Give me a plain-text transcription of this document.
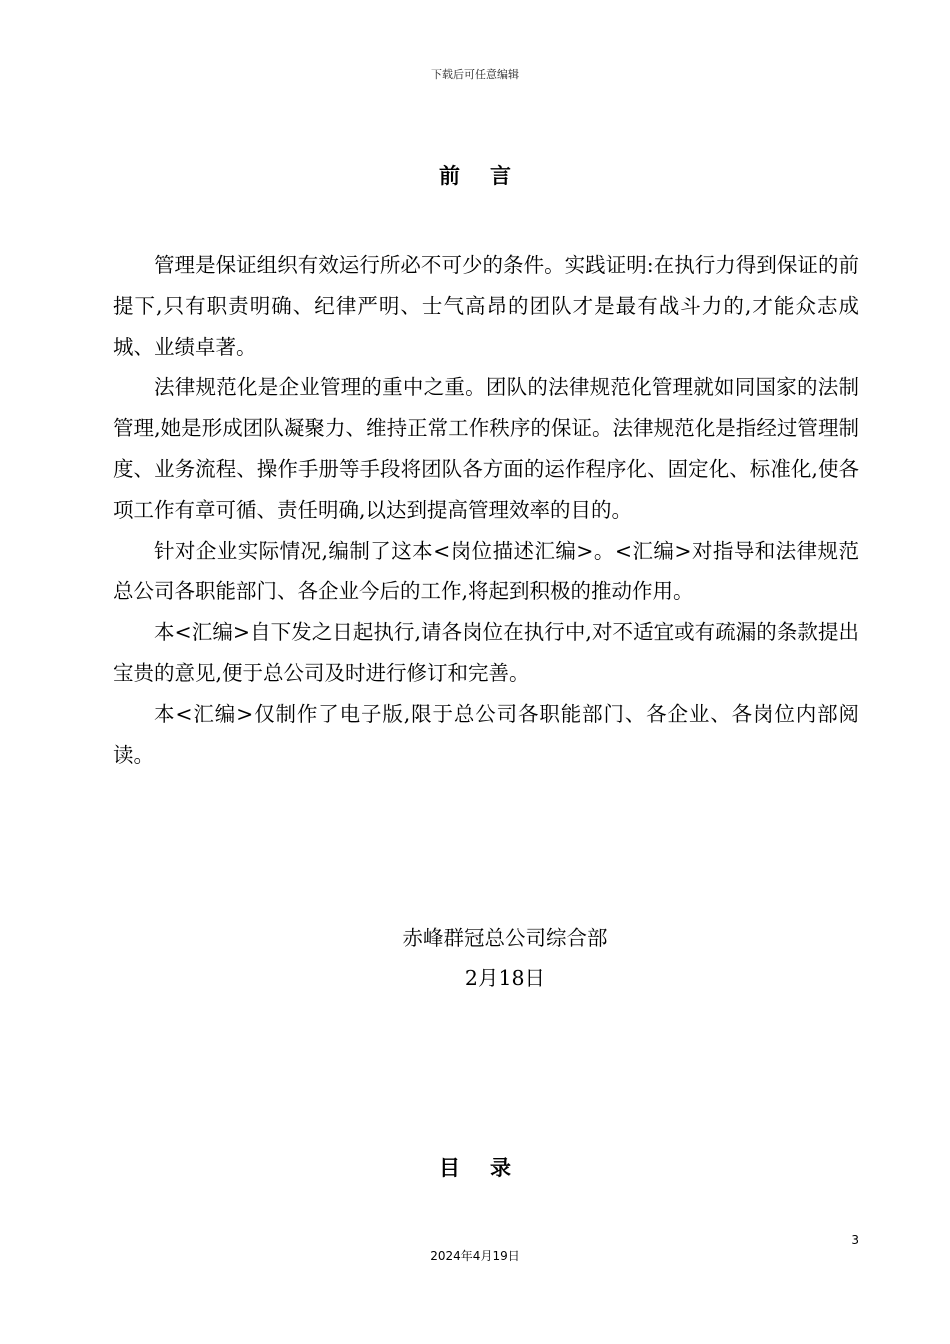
下载后可任意编辑
前言

管理是保证组织有效运行所必不可少的条件。实践证明:在执行力得到保证的前提下,只有职责明确、纪律严明、士气高昂的团队才是最有战斗力的,才能众志成城、业绩卓著。

法律规范化是企业管理的重中之重。团队的法律规范化管理就如同国家的法制管理,她是形成团队凝聚力、维持正常工作秩序的保证。法律规范化是指经过管理制度、业务流程、操作手册等手段将团队各方面的运作程序化、固定化、标准化,使各项工作有章可循、责任明确,以达到提高管理效率的目的。

针对企业实际情况,编制了这本<岗位描述汇编>。<汇编>对指导和法律规范总公司各职能部门、各企业今后的工作,将起到积极的推动作用。

本<汇编>自下发之日起执行,请各岗位在执行中,对不适宜或有疏漏的条款提出宝贵的意见,便于总公司及时进行修订和完善。

本<汇编>仅制作了电子版,限于总公司各职能部门、各企业、各岗位内部阅读。

赤峰群冠总公司综合部
2月18日
目录
3
2024年4月19日
